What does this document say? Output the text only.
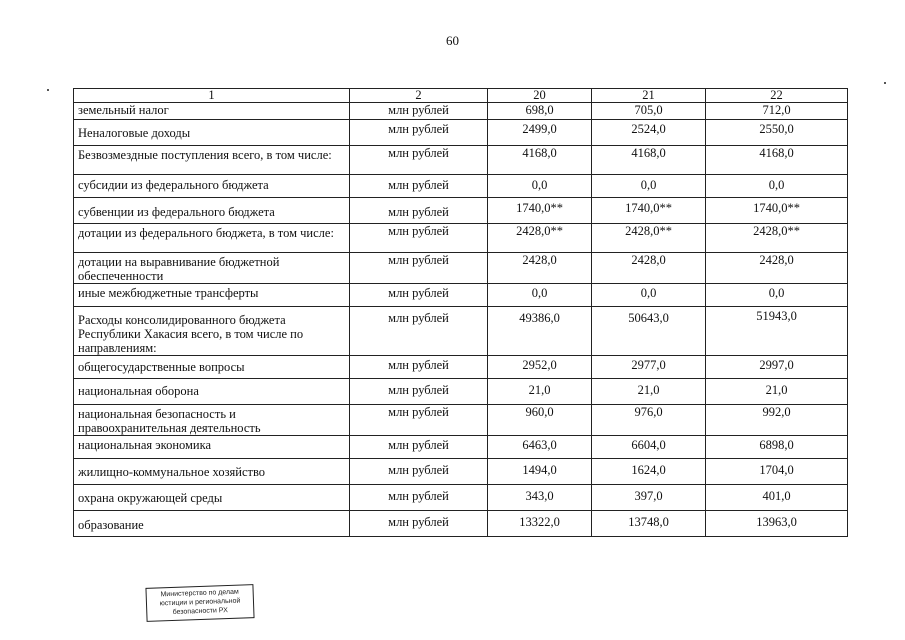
60
1	2	20	21	22
земельный налог	млн рублей	698,0	705,0	712,0
Неналоговые доходы	млн рублей	2499,0	2524,0	2550,0
Безвозмездные поступления всего, в том числе:	млн рублей	4168,0	4168,0	4168,0
субсидии из федерального бюджета	млн рублей	0,0	0,0	0,0
субвенции из федерального бюджета	млн рублей	1740,0**	1740,0**	1740,0**
дотации из федерального бюджета, в том числе:	млн рублей	2428,0**	2428,0**	2428,0**
дотации на выравнивание бюджетной обеспеченности	млн рублей	2428,0	2428,0	2428,0
иные межбюджетные трансферты	млн рублей	0,0	0,0	0,0
Расходы консолидированного бюджета Республики Хакасия всего, в том числе по направлениям:	млн рублей	49386,0	50643,0	51943,0
общегосударственные вопросы	млн рублей	2952,0	2977,0	2997,0
национальная оборона	млн рублей	21,0	21,0	21,0
национальная безопасность и правоохранительная деятельность	млн рублей	960,0	976,0	992,0
национальная экономика	млн рублей	6463,0	6604,0	6898,0
жилищно-коммунальное хозяйство	млн рублей	1494,0	1624,0	1704,0
охрана окружающей среды	млн рублей	343,0	397,0	401,0
образование	млн рублей	13322,0	13748,0	13963,0
Министерство по делам
юстиции и региональной
безопасности РХ
